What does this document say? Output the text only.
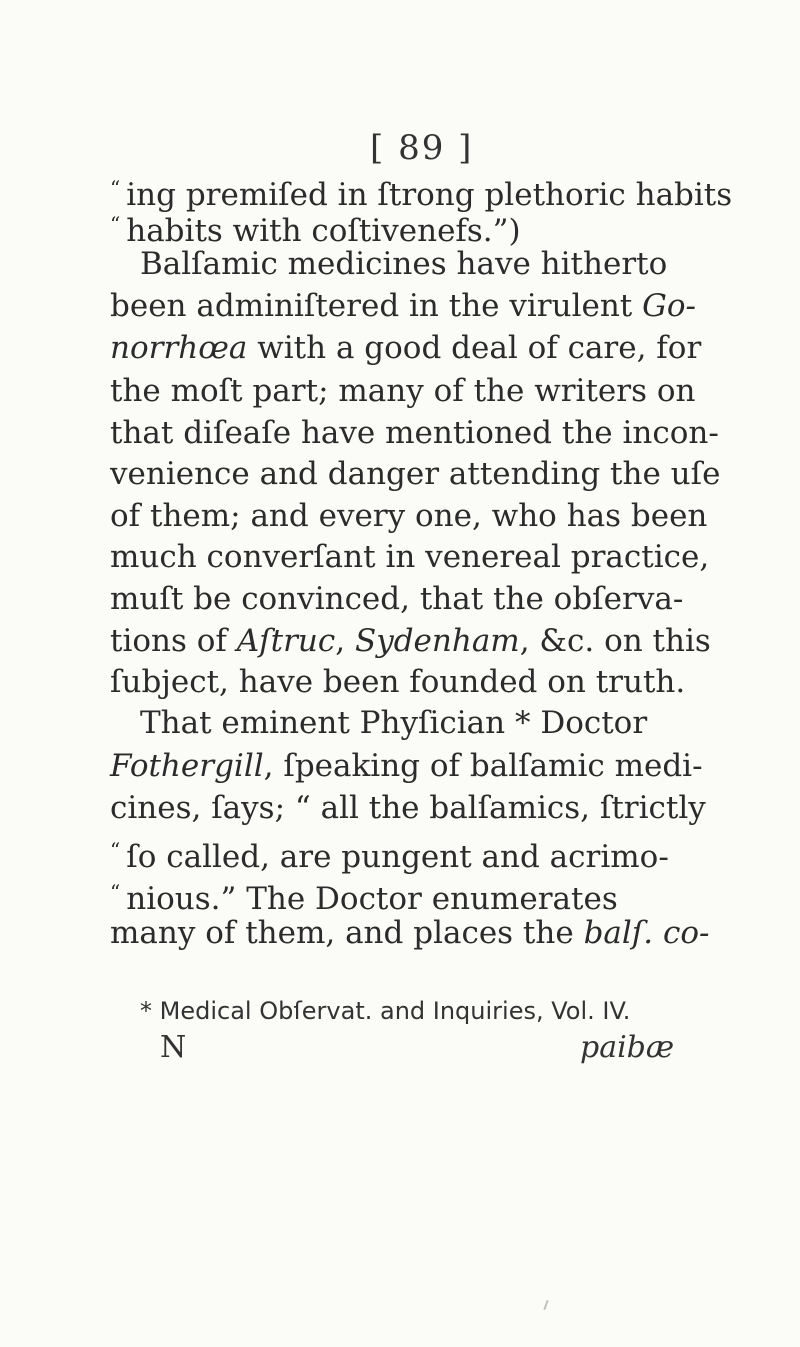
[ 89 ]
“ ing premiſed in ſtrong plethoric habits
“ habits with coſtivenefs.”)
Balſamic medicines have hitherto
been adminiſtered in the virulent Go-
norrhœa with a good deal of care, for
the moſt part; many of the writers on
that diſeaſe have mentioned the incon-
venience and danger attending the uſe
of them; and every one, who has been
much converſant in venereal practice,
muſt be convinced, that the obſerva-
tions of Aſtruc, Sydenham, &c. on this
ſubject, have been founded on truth.
That eminent Phyſician * Doctor
Fothergill, ſpeaking of balſamic medi-
cines, ſays; “ all the balſamics, ſtrictly
“ ſo called, are pungent and acrimo-
“ nious.” The Doctor enumerates
many of them, and places the balſ. co-
* Medical Obſervat. and Inquiries, Vol. IV.
N	paibæ
